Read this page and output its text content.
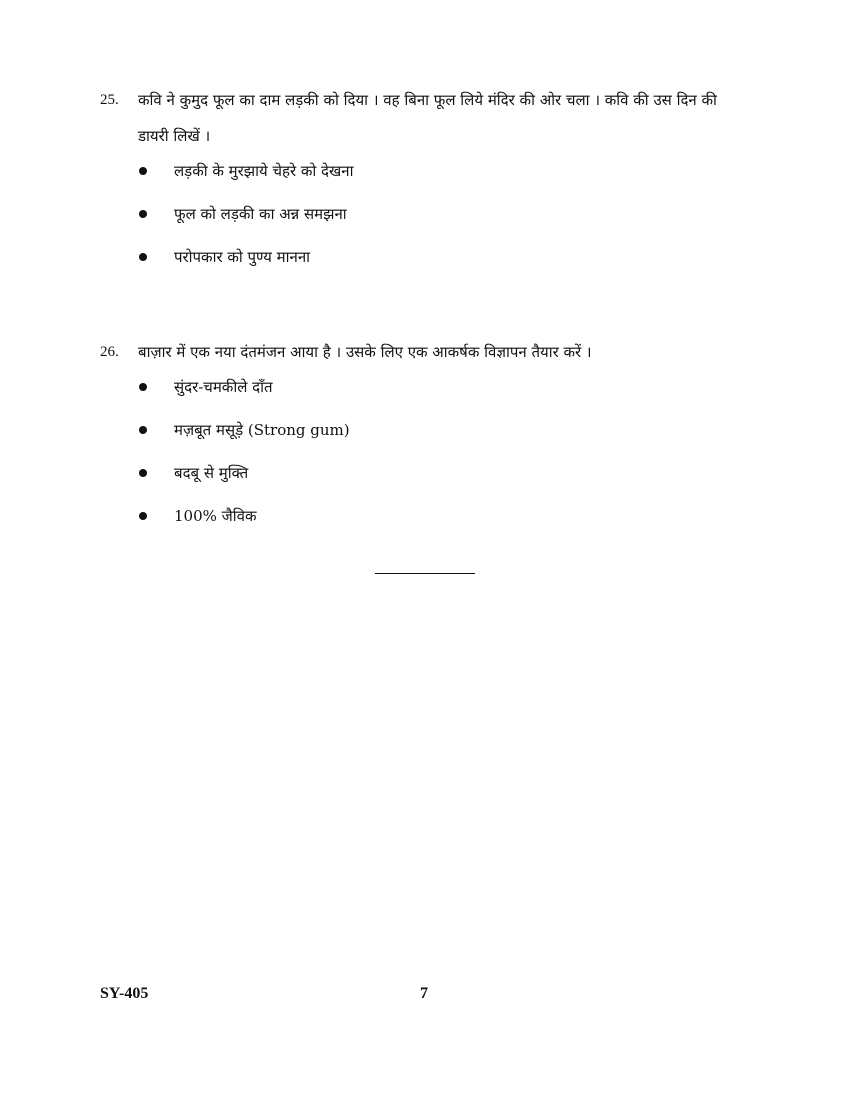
25. कवि ने कुमुद फूल का दाम लड़की को दिया । वह बिना फूल लिये मंदिर की ओर चला । कवि की उस दिन की डायरी लिखें ।
लड़की के मुरझाये चेहरे को देखना
फूल को लड़की का अन्न समझना
परोपकार को पुण्य मानना
26. बाज़ार में एक नया दंतमंजन आया है । उसके लिए एक आकर्षक विज्ञापन तैयार करें ।
सुंदर-चमकीले दाँत
मज़बूत मसूड़े (Strong gum)
बदबू से मुक्ति
100% जैविक
SY-405	7
